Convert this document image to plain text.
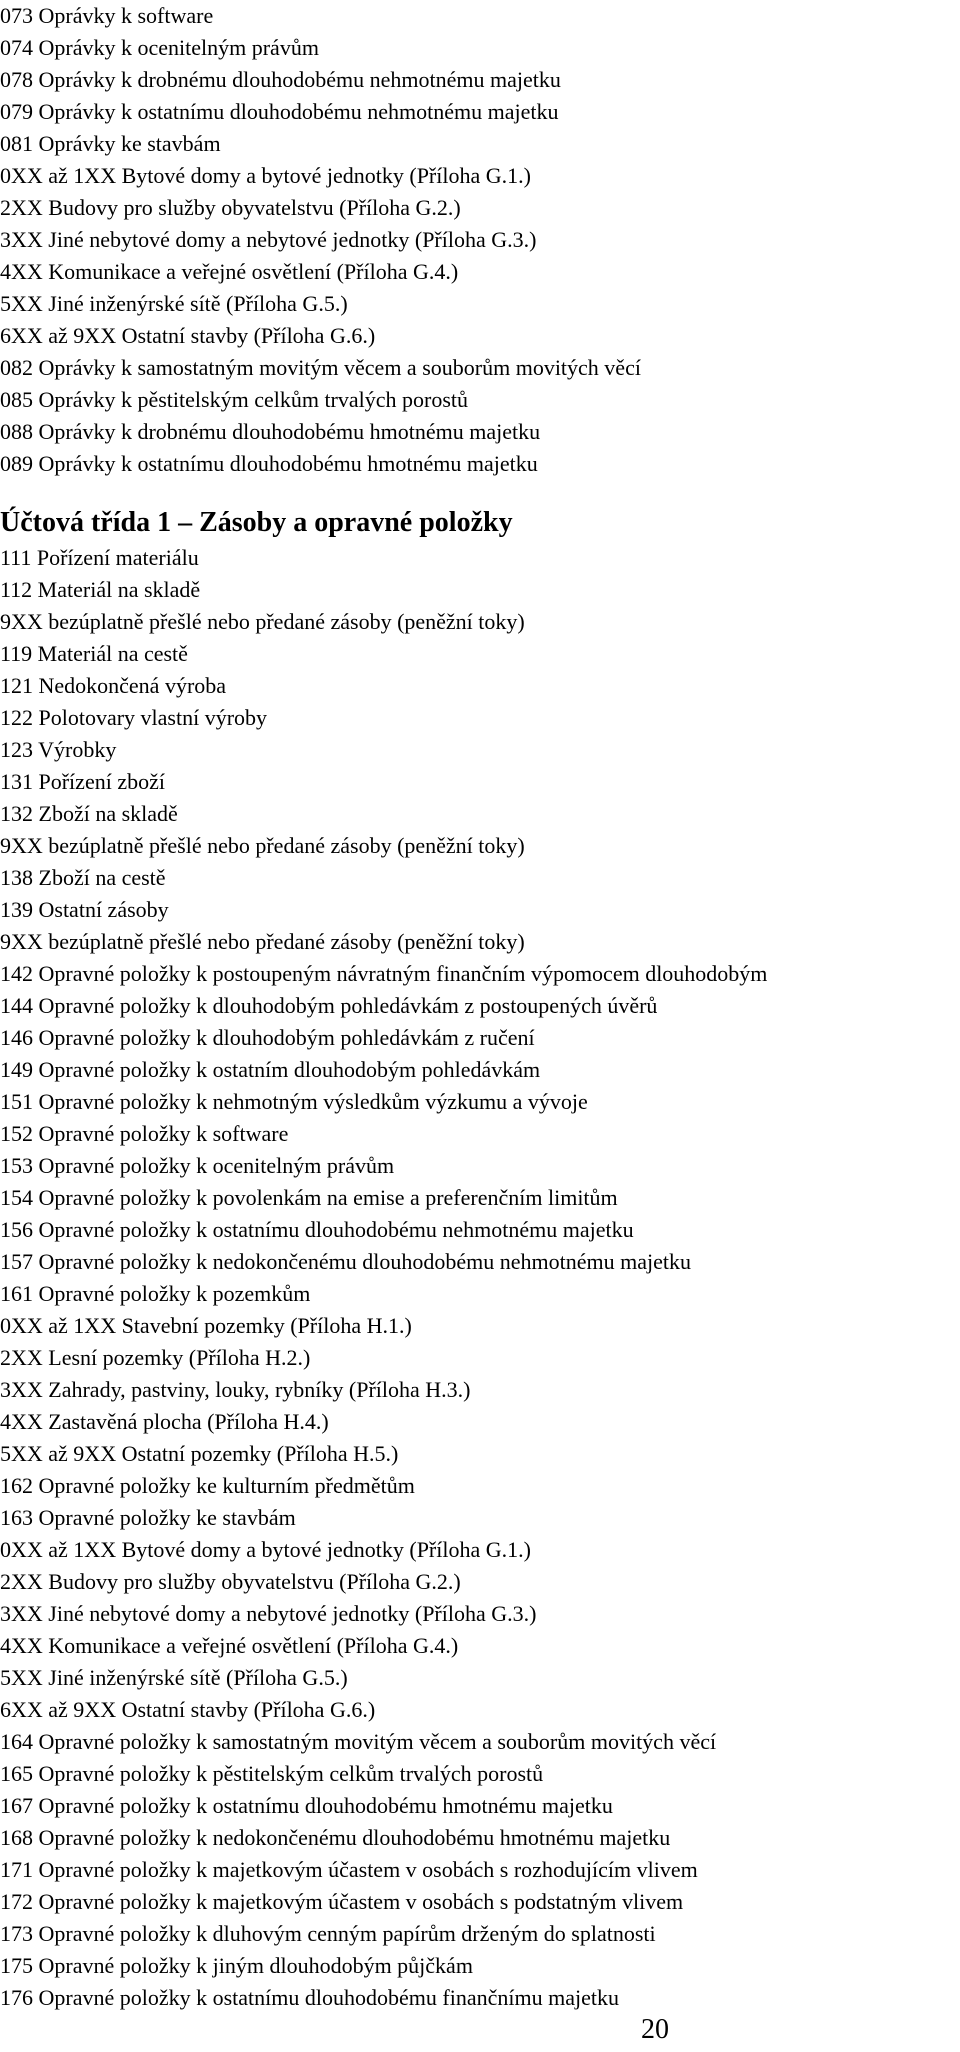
073 Oprávky k software
074 Oprávky k ocenitelným právům
078 Oprávky k drobnému dlouhodobému nehmotnému majetku
079 Oprávky k ostatnímu dlouhodobému nehmotnému majetku
081 Oprávky ke stavbám
0XX až 1XX Bytové domy a bytové jednotky (Příloha G.1.)
2XX Budovy pro služby obyvatelstvu (Příloha G.2.)
3XX Jiné nebytové domy a nebytové jednotky (Příloha G.3.)
4XX Komunikace a veřejné osvětlení (Příloha G.4.)
5XX Jiné inženýrské sítě (Příloha G.5.)
6XX až 9XX Ostatní stavby (Příloha G.6.)
082 Oprávky k samostatným movitým věcem a souborům movitých věcí
085 Oprávky k pěstitelským celkům trvalých porostů
088 Oprávky k drobnému dlouhodobému hmotnému majetku
089 Oprávky k ostatnímu dlouhodobému hmotnému majetku
Účtová třída 1 – Zásoby a opravné položky
111 Pořízení materiálu
112 Materiál na skladě
9XX bezúplatně přešlé nebo předané zásoby (peněžní toky)
119 Materiál na cestě
121 Nedokončená výroba
122 Polotovary vlastní výroby
123 Výrobky
131 Pořízení zboží
132 Zboží na skladě
9XX bezúplatně přešlé nebo předané zásoby (peněžní toky)
138 Zboží na cestě
139 Ostatní zásoby
9XX bezúplatně přešlé nebo předané zásoby (peněžní toky)
142 Opravné položky k postoupeným návratným finančním výpomocem dlouhodobým
144 Opravné položky k dlouhodobým pohledávkám z postoupených úvěrů
146 Opravné položky k dlouhodobým pohledávkám z ručení
149 Opravné položky k ostatním dlouhodobým pohledávkám
151 Opravné položky k nehmotným výsledkům výzkumu a vývoje
152 Opravné položky k software
153 Opravné položky k ocenitelným právům
154 Opravné položky k povolenkám na emise a preferenčním limitům
156 Opravné položky k ostatnímu dlouhodobému nehmotnému majetku
157 Opravné položky k nedokončenému dlouhodobému nehmotnému majetku
161 Opravné položky k pozemkům
0XX až 1XX Stavební pozemky (Příloha H.1.)
2XX Lesní pozemky (Příloha H.2.)
3XX Zahrady, pastviny, louky, rybníky (Příloha H.3.)
4XX Zastavěná plocha (Příloha H.4.)
5XX až 9XX Ostatní pozemky (Příloha H.5.)
162 Opravné položky ke kulturním předmětům
163 Opravné položky ke stavbám
0XX až 1XX Bytové domy a bytové jednotky (Příloha G.1.)
2XX Budovy pro služby obyvatelstvu (Příloha G.2.)
3XX Jiné nebytové domy a nebytové jednotky (Příloha G.3.)
4XX Komunikace a veřejné osvětlení (Příloha G.4.)
5XX Jiné inženýrské sítě (Příloha G.5.)
6XX až 9XX Ostatní stavby (Příloha G.6.)
164 Opravné položky k samostatným movitým věcem a souborům movitých věcí
165 Opravné položky k pěstitelským celkům trvalých porostů
167 Opravné položky k ostatnímu dlouhodobému hmotnému majetku
168 Opravné položky k nedokončenému dlouhodobému hmotnému majetku
171 Opravné položky k majetkovým účastem v osobách s rozhodujícím vlivem
172 Opravné položky k majetkovým účastem v osobách s podstatným vlivem
173 Opravné položky k dluhovým cenným papírům drženým do splatnosti
175 Opravné položky k jiným dlouhodobým půjčkám
176 Opravné položky k ostatnímu dlouhodobému finančnímu majetku
20
